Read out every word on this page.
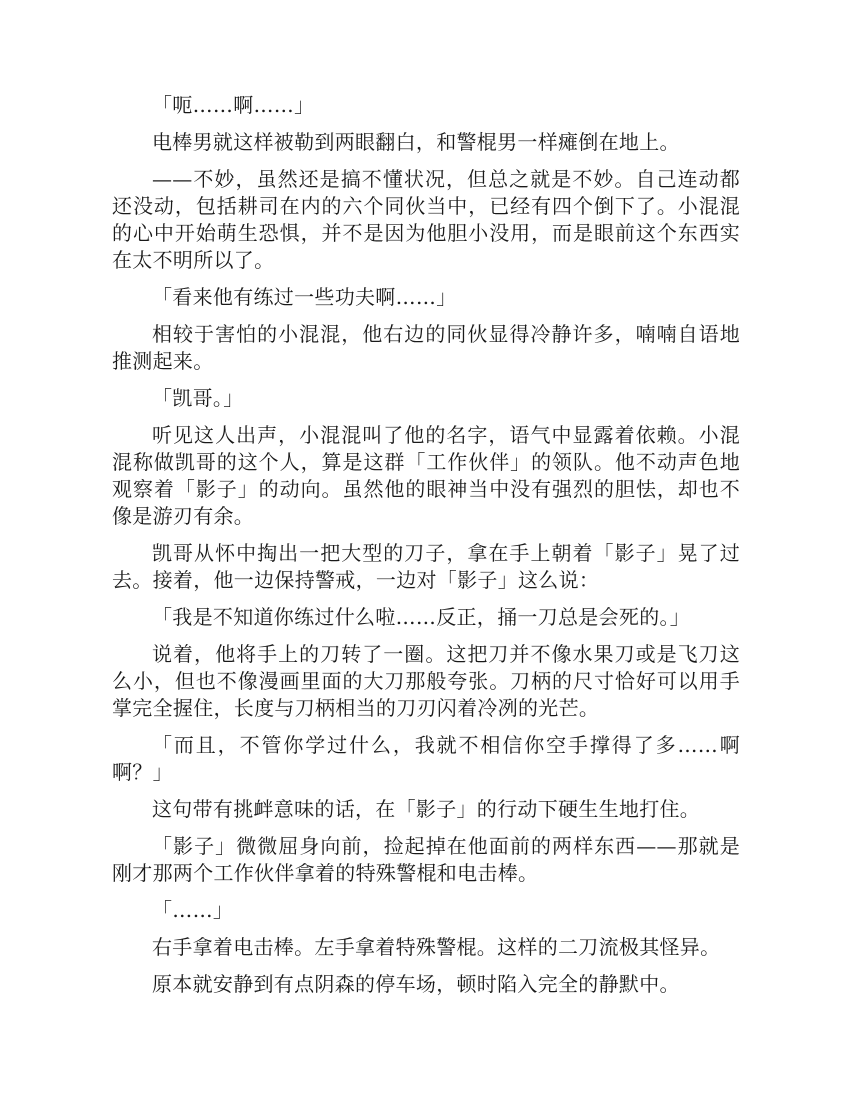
「呃……啊……」

电棒男就这样被勒到两眼翻白，和警棍男一样瘫倒在地上。

——不妙，虽然还是搞不懂状况，但总之就是不妙。自己连动都还没动，包括耕司在内的六个同伙当中，已经有四个倒下了。小混混的心中开始萌生恐惧，并不是因为他胆小没用，而是眼前这个东西实在太不明所以了。

「看来他有练过一些功夫啊……」

相较于害怕的小混混，他右边的同伙显得冷静许多，喃喃自语地推测起来。

「凯哥。」

听见这人出声，小混混叫了他的名字，语气中显露着依赖。小混混称做凯哥的这个人，算是这群「工作伙伴」的领队。他不动声色地观察着「影子」的动向。虽然他的眼神当中没有强烈的胆怯，却也不像是游刃有余。

凯哥从怀中掏出一把大型的刀子，拿在手上朝着「影子」晃了过去。接着，他一边保持警戒，一边对「影子」这么说：

「我是不知道你练过什么啦……反正，捅一刀总是会死的。」

说着，他将手上的刀转了一圈。这把刀并不像水果刀或是飞刀这么小，但也不像漫画里面的大刀那般夸张。刀柄的尺寸恰好可以用手掌完全握住，长度与刀柄相当的刀刃闪着冷冽的光芒。

「而且，不管你学过什么，我就不相信你空手撑得了多……啊啊？」

这句带有挑衅意味的话，在「影子」的行动下硬生生地打住。

「影子」微微屈身向前，捡起掉在他面前的两样东西——那就是刚才那两个工作伙伴拿着的特殊警棍和电击棒。

「……」

右手拿着电击棒。左手拿着特殊警棍。这样的二刀流极其怪异。

原本就安静到有点阴森的停车场，顿时陷入完全的静默中。
